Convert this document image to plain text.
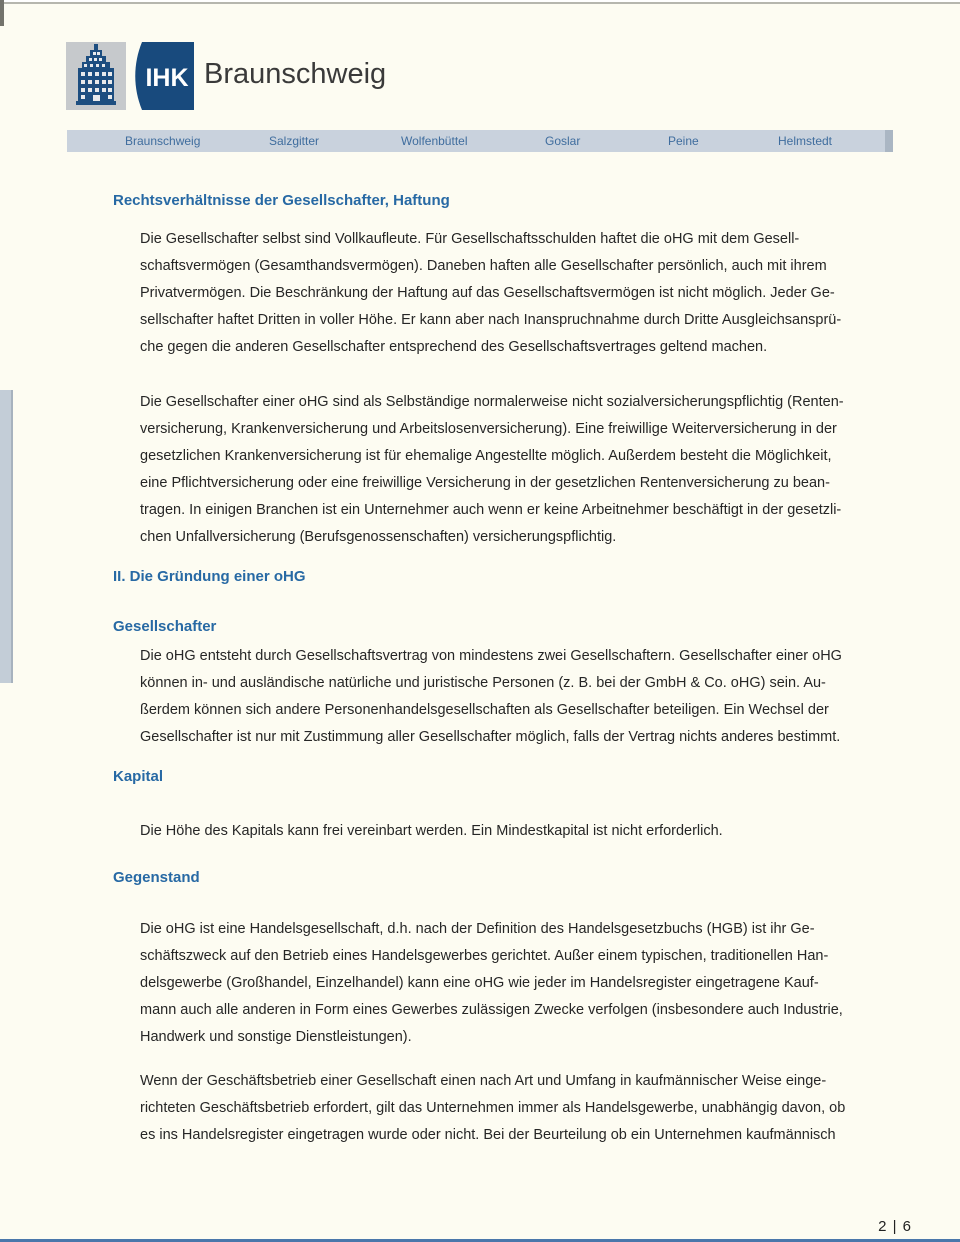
IHK Braunschweig
Braunschweig	Salzgitter	Wolfenbüttel	Goslar	Peine	Helmstedt
Rechtsverhältnisse der Gesellschafter, Haftung
Die Gesellschafter selbst sind Vollkaufleute. Für Gesellschaftsschulden haftet die oHG mit dem Gesell-
schaftsvermögen (Gesamthandsvermögen). Daneben haften alle Gesellschafter persönlich, auch mit ihrem
Privatvermögen. Die Beschränkung der Haftung auf das Gesellschaftsvermögen ist nicht möglich. Jeder Ge-
sellschafter haftet Dritten in voller Höhe. Er kann aber nach Inanspruchnahme durch Dritte Ausgleichsansprü-
che gegen die anderen Gesellschafter entsprechend des Gesellschaftsvertrages geltend machen.
Die Gesellschafter einer oHG sind als Selbständige normalerweise nicht sozialversicherungspflichtig (Renten-
versicherung, Krankenversicherung und Arbeitslosenversicherung). Eine freiwillige Weiterversicherung in der
gesetzlichen Krankenversicherung ist für ehemalige Angestellte möglich. Außerdem besteht die Möglichkeit,
eine Pflichtversicherung oder eine freiwillige Versicherung in der gesetzlichen Rentenversicherung zu bean-
tragen. In einigen Branchen ist ein Unternehmer auch wenn er keine Arbeitnehmer beschäftigt in der gesetzli-
chen Unfallversicherung (Berufsgenossenschaften) versicherungspflichtig.
II. Die Gründung einer oHG
Gesellschafter
Die oHG entsteht durch Gesellschaftsvertrag von mindestens zwei Gesellschaftern. Gesellschafter einer oHG
können in- und ausländische natürliche und juristische Personen (z. B. bei der GmbH & Co. oHG) sein. Au-
ßerdem können sich andere Personenhandelsgesellschaften als Gesellschafter beteiligen. Ein Wechsel der
Gesellschafter ist nur mit Zustimmung aller Gesellschafter möglich, falls der Vertrag nichts anderes bestimmt.
Kapital
Die Höhe des Kapitals kann frei vereinbart werden. Ein Mindestkapital ist nicht erforderlich.
Gegenstand
Die oHG ist eine Handelsgesellschaft, d.h. nach der Definition des Handelsgesetzbuchs (HGB) ist ihr Ge-
schäftszweck auf den Betrieb eines Handelsgewerbes gerichtet. Außer einem typischen, traditionellen Han-
delsgewerbe (Großhandel, Einzelhandel) kann eine oHG wie jeder im Handelsregister eingetragene Kauf-
mann auch alle anderen in Form eines Gewerbes zulässigen Zwecke verfolgen (insbesondere auch Industrie,
Handwerk und sonstige Dienstleistungen).
Wenn der Geschäftsbetrieb einer Gesellschaft einen nach Art und Umfang in kaufmännischer Weise einge-
richteten Geschäftsbetrieb erfordert, gilt das Unternehmen immer als Handelsgewerbe, unabhängig davon, ob
es ins Handelsregister eingetragen wurde oder nicht. Bei der Beurteilung ob ein Unternehmen kaufmännisch
2 | 6
